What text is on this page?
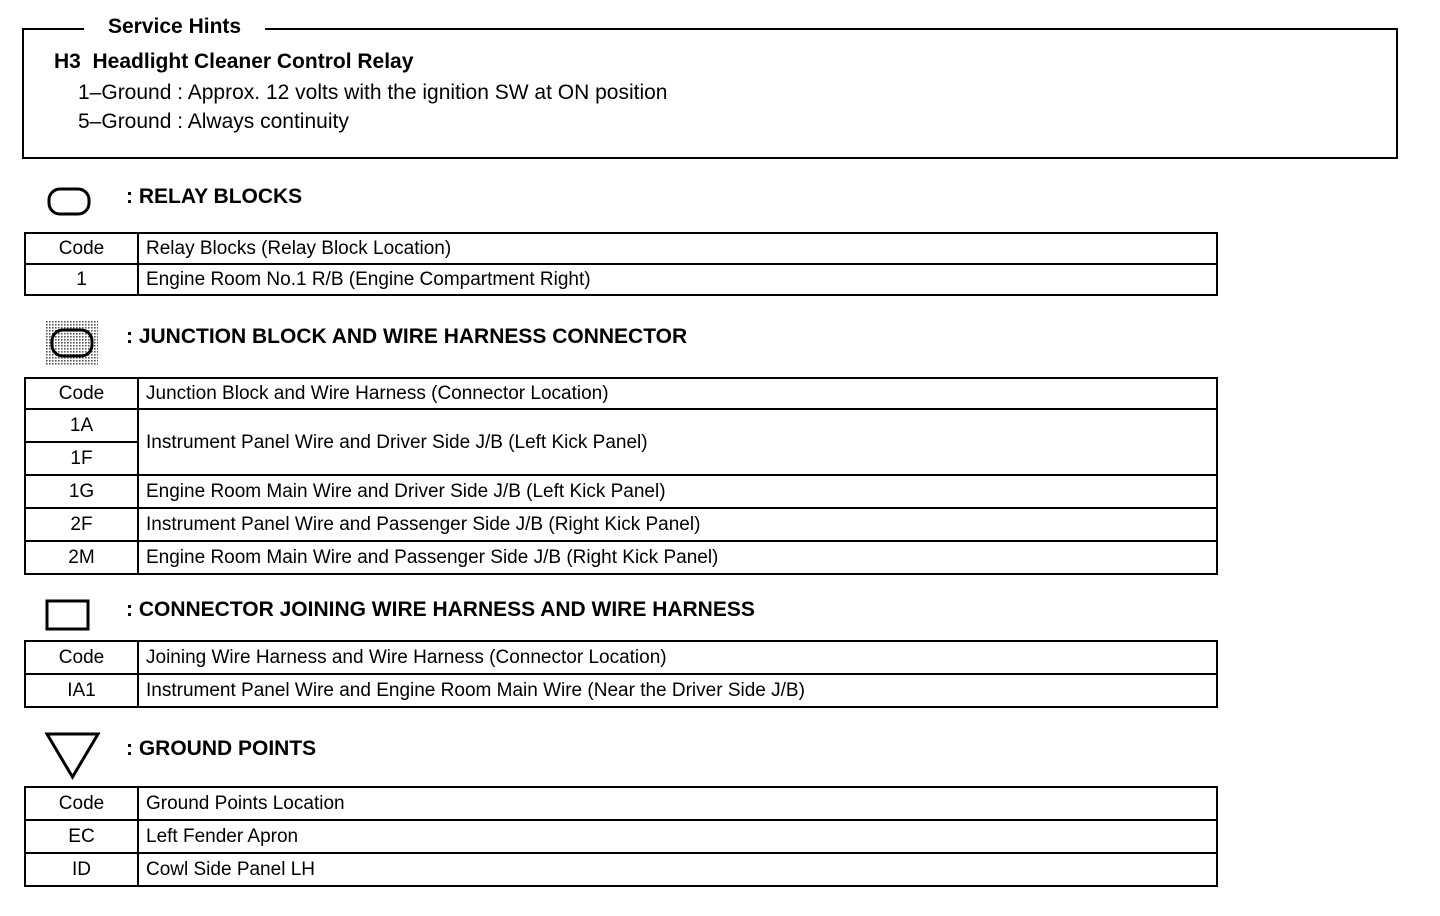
Service Hints
H3  Headlight Cleaner Control Relay
1–Ground : Approx. 12 volts with the ignition SW at ON position
5–Ground : Always continuity
: RELAY BLOCKS
Code	Relay Blocks (Relay Block Location)
1	Engine Room No.1 R/B (Engine Compartment Right)
: JUNCTION BLOCK AND WIRE HARNESS CONNECTOR
Code	Junction Block and Wire Harness (Connector Location)
1A	Instrument Panel Wire and Driver Side J/B (Left Kick Panel)
1F	
1G	Engine Room Main Wire and Driver Side J/B (Left Kick Panel)
2F	Instrument Panel Wire and Passenger Side J/B (Right Kick Panel)
2M	Engine Room Main Wire and Passenger Side J/B (Right Kick Panel)
: CONNECTOR JOINING WIRE HARNESS AND WIRE HARNESS
Code	Joining Wire Harness and Wire Harness (Connector Location)
IA1	Instrument Panel Wire and Engine Room Main Wire (Near the Driver Side J/B)
: GROUND POINTS
Code	Ground Points Location
EC	Left Fender Apron
ID	Cowl Side Panel LH
